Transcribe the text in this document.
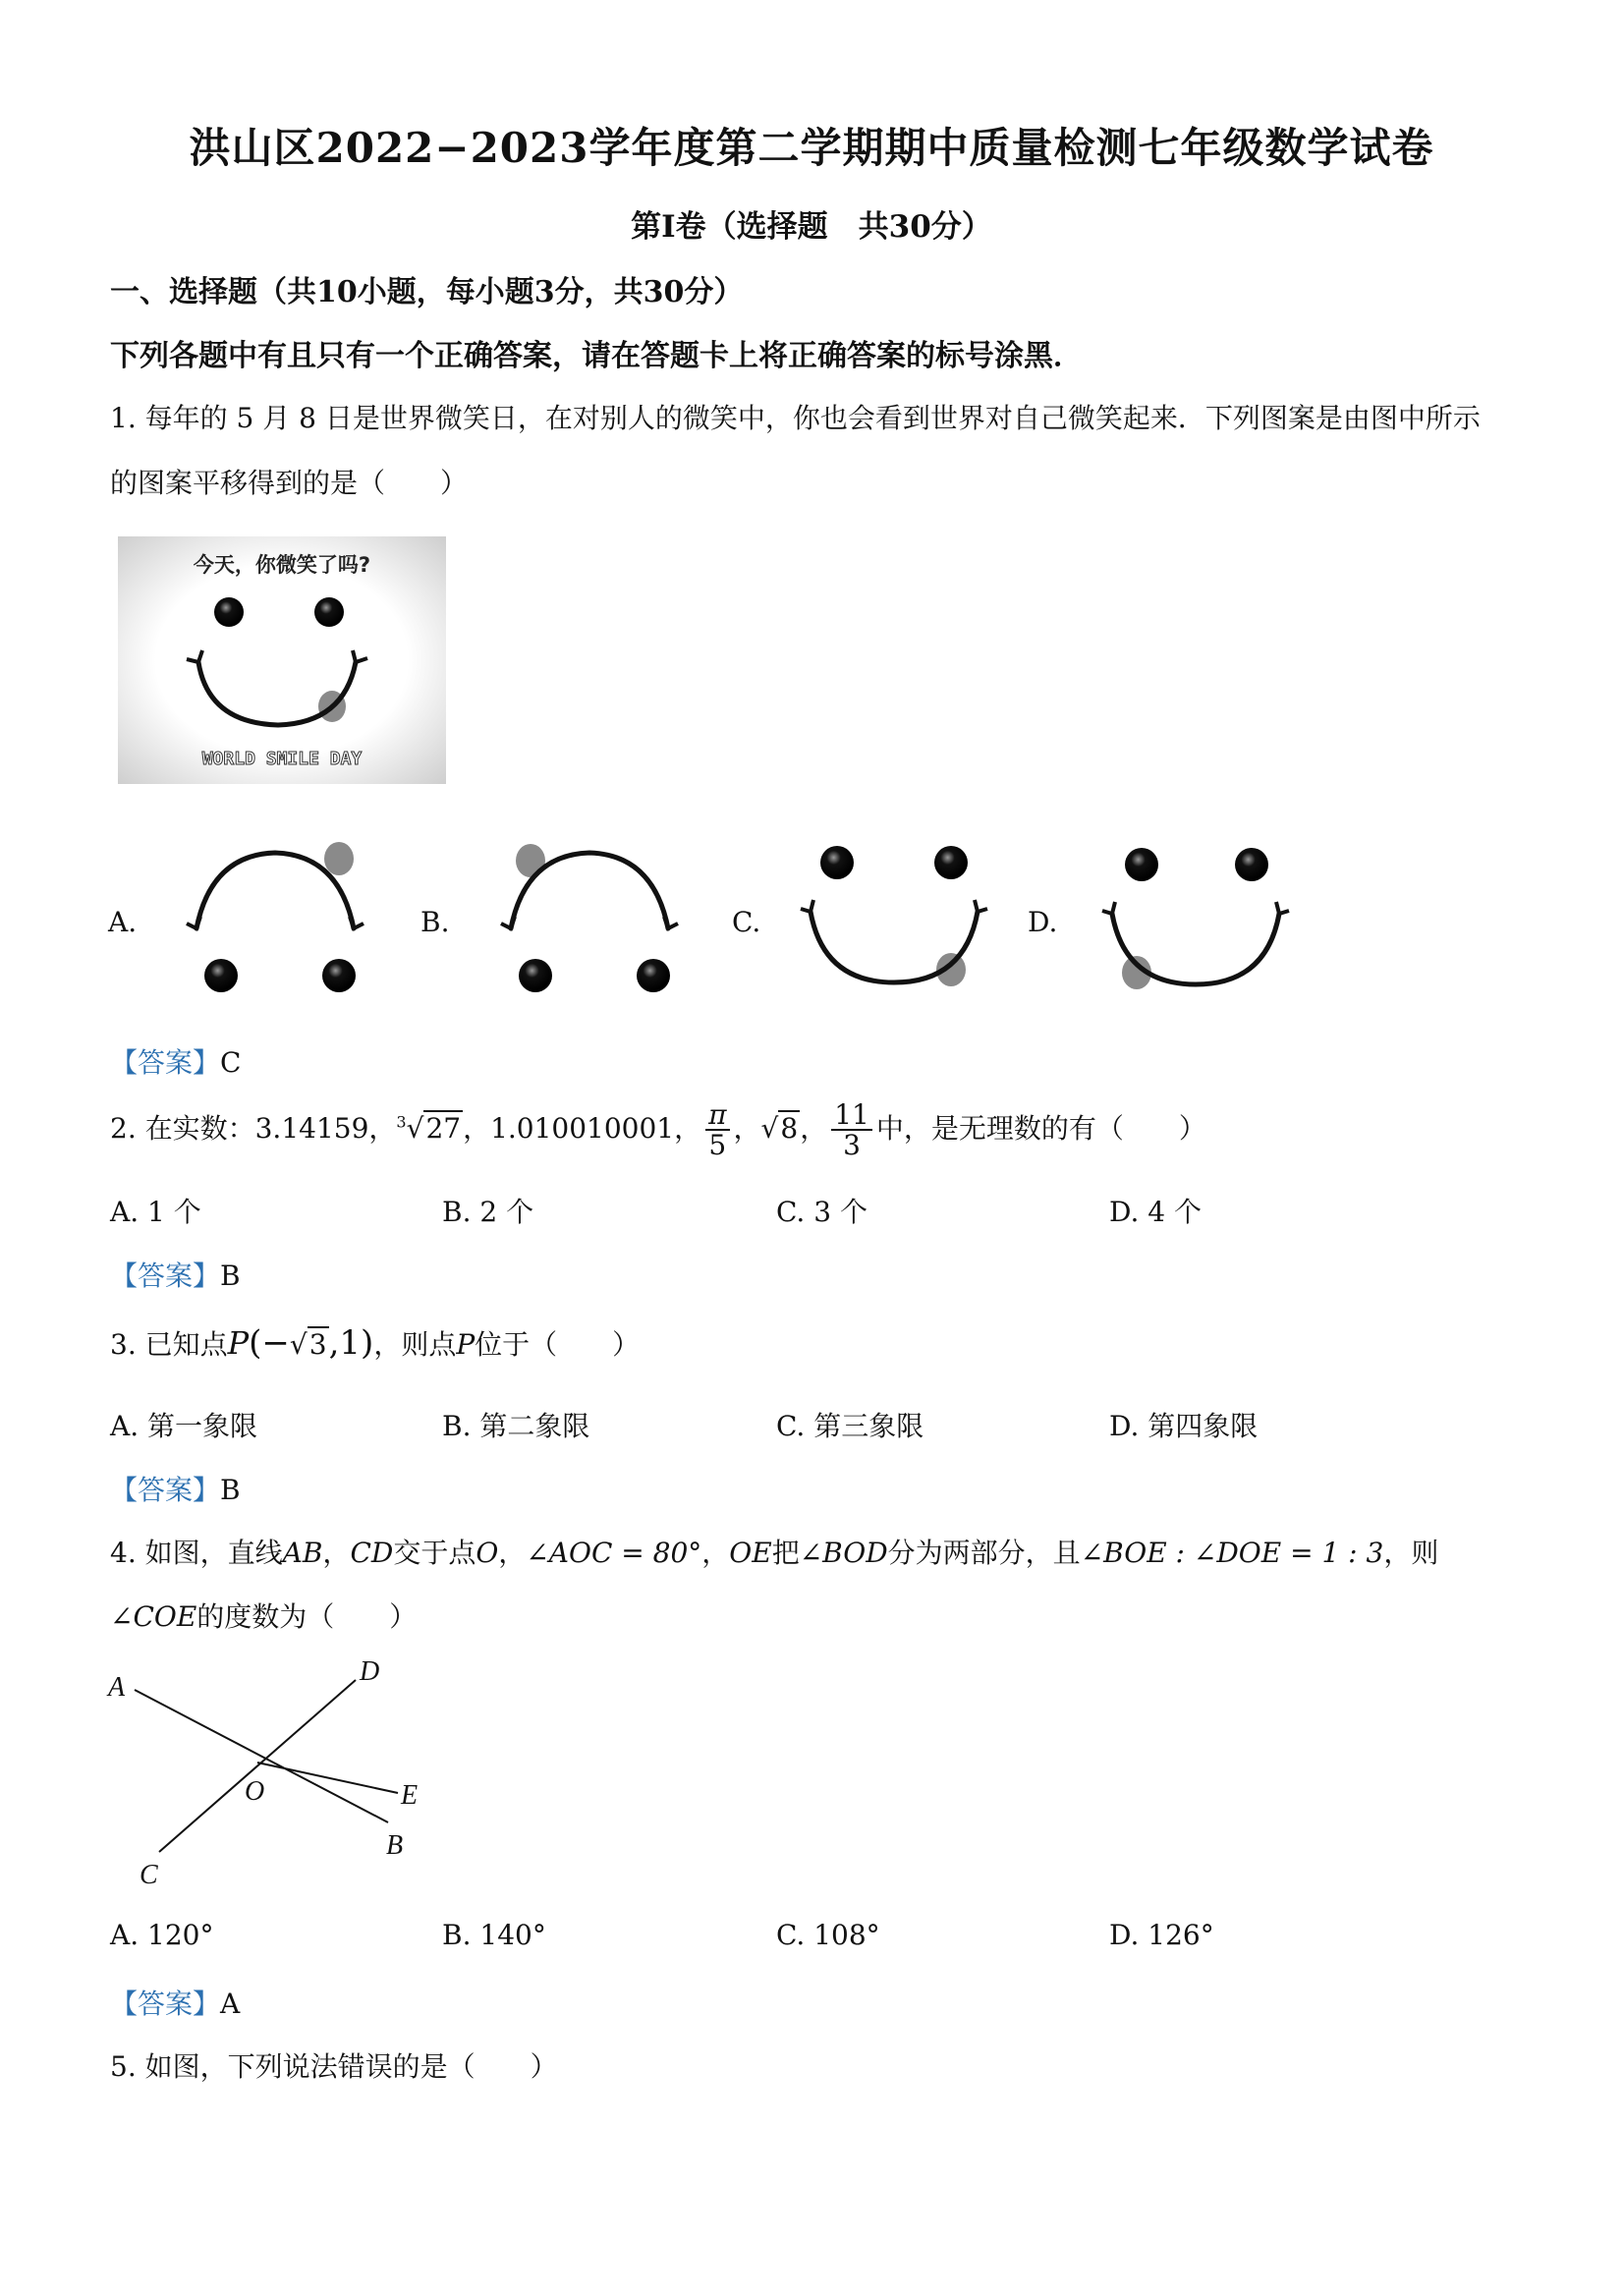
洪山区2022−2023学年度第二学期期中质量检测七年级数学试卷
第Ⅰ卷（选择题　共30分）
一、选择题（共10小题，每小题3分，共30分）
下列各题中有且只有一个正确答案，请在答题卡上将正确答案的标号涂黑．
1. 每年的 5 月 8 日是世界微笑日，在对别人的微笑中，你也会看到世界对自己微笑起来．下列图案是由图中所示
的图案平移得到的是（　　）
今天，你微笑了吗?
WORLD SMILE DAY
A.	B.	C.	D.
【答案】C
2. 在实数：3.14159，$^3$√27，1.010010001， $\frac{\pi}{5}$ ，√8， $\frac{11}{3}$ 中，是无理数的有（　　）
A. 1 个	B. 2 个	C. 3 个	D. 4 个
【答案】B
3. 已知点P(−√3,1)，则点P位于（　　）
A. 第一象限	B. 第二象限	C. 第三象限	D. 第四象限
【答案】B
4. 如图，直线AB，CD交于点O，∠AOC = 80°，OE把∠BOD分为两部分，且∠BOE : ∠DOE = 1 : 3，则
∠COE的度数为（　　）
A
D
E
O
B
C
A. 120°	B. 140°	C. 108°	D. 126°
【答案】A
5. 如图，下列说法错误的是（　　）
